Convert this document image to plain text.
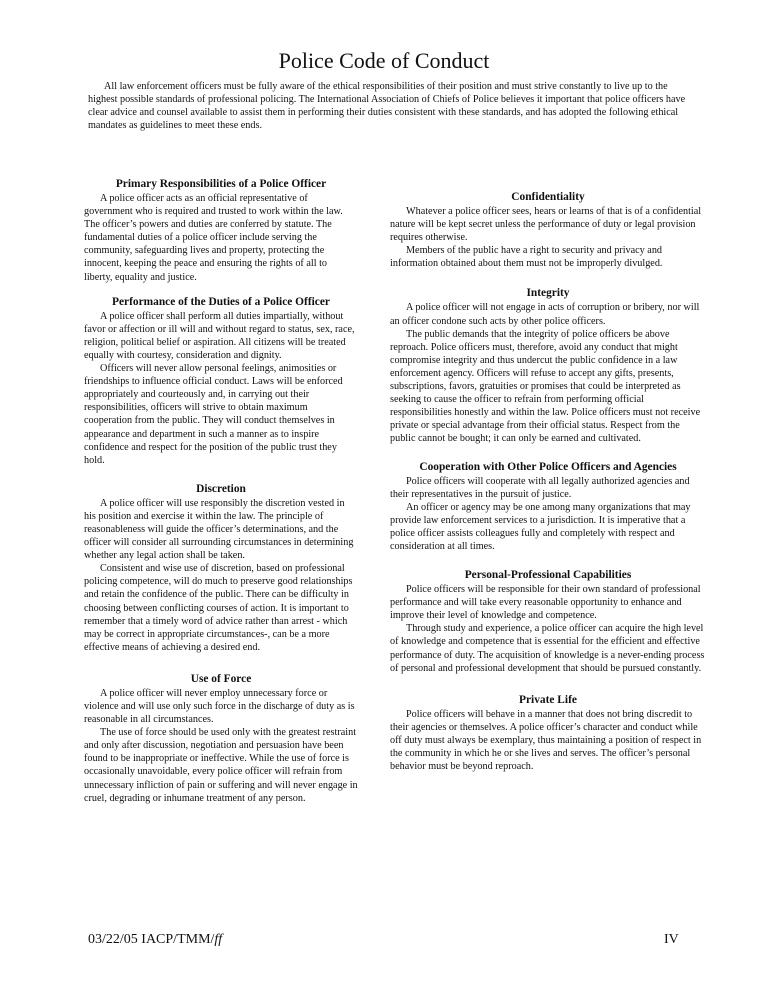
Police Code of Conduct

All law enforcement officers must be fully aware of the ethical responsibilities of their position and must strive constantly to live up to the highest possible standards of professional policing. The International Association of Chiefs of Police believes it important that police officers have clear advice and counsel available to assist them in performing their duties consistent with these standards, and has adopted the following ethical mandates as guidelines to meet these ends.

Primary Responsibilities of a Police Officer

A police officer acts as an official representative of government who is required and trusted to work within the law. The officer’s powers and duties are conferred by statute. The fundamental duties of a police officer include serving the community, safeguarding lives and property, protecting the innocent, keeping the peace and ensuring the rights of all to liberty, equality and justice.

Performance of the Duties of a Police Officer

A police officer shall perform all duties impartially, without favor or affection or ill will and without regard to status, sex, race, religion, political belief or aspiration. All citizens will be treated equally with courtesy, consideration and dignity.

Officers will never allow personal feelings, animosities or friendships to influence official conduct. Laws will be enforced appropriately and courteously and, in carrying out their responsibilities, officers will strive to obtain maximum cooperation from the public. They will conduct themselves in appearance and department in such a manner as to inspire confidence and respect for the position of the public trust they hold.

Discretion

A police officer will use responsibly the discretion vested in his position and exercise it within the law. The principle of reasonableness will guide the officer’s determinations, and the officer will consider all surrounding circumstances in determining whether any legal action shall be taken.

Consistent and wise use of discretion, based on professional policing competence, will do much to preserve good relationships and retain the confidence of the public. There can be difficulty in choosing between conflicting courses of action. It is important to remember that a timely word of advice rather than arrest - which may be correct in appropriate circumstances-, can be a more effective means of achieving a desired end.

Use of Force

A police officer will never employ unnecessary force or violence and will use only such force in the discharge of duty as is reasonable in all circumstances.

The use of force should be used only with the greatest restraint and only after discussion, negotiation and persuasion have been found to be inappropriate or ineffective. While the use of force is occasionally unavoidable, every police officer will refrain from unnecessary infliction of pain or suffering and will never engage in cruel, degrading or inhumane treatment of any person.

Confidentiality

Whatever a police officer sees, hears or learns of that is of a confidential nature will be kept secret unless the performance of duty or legal provision requires otherwise.

Members of the public have a right to security and privacy and information obtained about them must not be improperly divulged.

Integrity

A police officer will not engage in acts of corruption or bribery, nor will an officer condone such acts by other police officers.

The public demands that the integrity of police officers be above reproach. Police officers must, therefore, avoid any conduct that might compromise integrity and thus undercut the public confidence in a law enforcement agency. Officers will refuse to accept any gifts, presents, subscriptions, favors, gratuities or promises that could be interpreted as seeking to cause the officer to refrain from performing official responsibilities honestly and within the law. Police officers must not receive private or special advantage from their official status. Respect from the public cannot be bought; it can only be earned and cultivated.

Cooperation with Other Police Officers and Agencies

Police officers will cooperate with all legally authorized agencies and their representatives in the pursuit of justice.

An officer or agency may be one among many organizations that may provide law enforcement services to a jurisdiction. It is imperative that a police officer assists colleagues fully and completely with respect and consideration at all times.

Personal-Professional Capabilities

Police officers will be responsible for their own standard of professional performance and will take every reasonable opportunity to enhance and improve their level of knowledge and competence.

Through study and experience, a police officer can acquire the high level of knowledge and competence that is essential for the efficient and effective performance of duty. The acquisition of knowledge is a never-ending process of personal and professional development that should be pursued constantly.

Private Life

Police officers will behave in a manner that does not bring discredit to their agencies or themselves. A police officer’s character and conduct while off duty must always be exemplary, thus maintaining a position of respect in the community in which he or she lives and serves. The officer’s personal behavior must be beyond reproach.

03/22/05 IACP/TMM/ff	IV
